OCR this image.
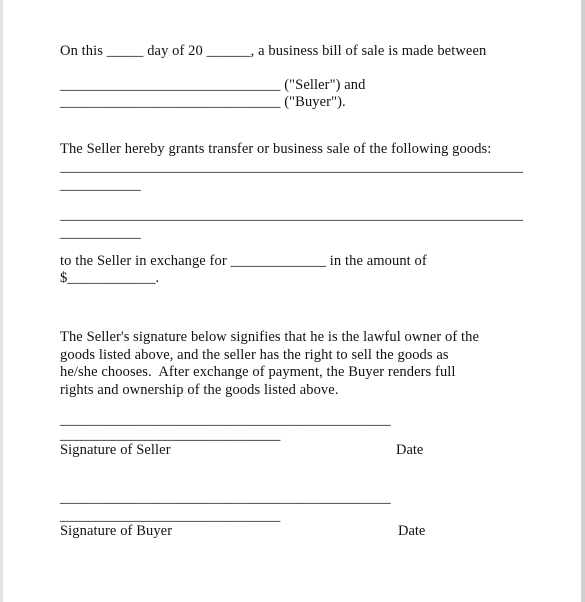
On this _____ day of 20 ______, a business bill of sale is made between
______________________________ ("Seller") and
______________________________ ("Buyer").
The Seller hereby grants transfer or business sale of the following goods:
_______________________________________________________________
___________
_______________________________________________________________
___________
to the Seller in exchange for _____________ in the amount of
$____________.
The Seller's signature below signifies that he is the lawful owner of the
goods listed above, and the seller has the right to sell the goods as
he/she chooses.  After exchange of payment, the Buyer renders full
rights and ownership of the goods listed above.
_____________________________________________
______________________________
Signature of Seller	Date
_____________________________________________
______________________________
Signature of Buyer	Date
